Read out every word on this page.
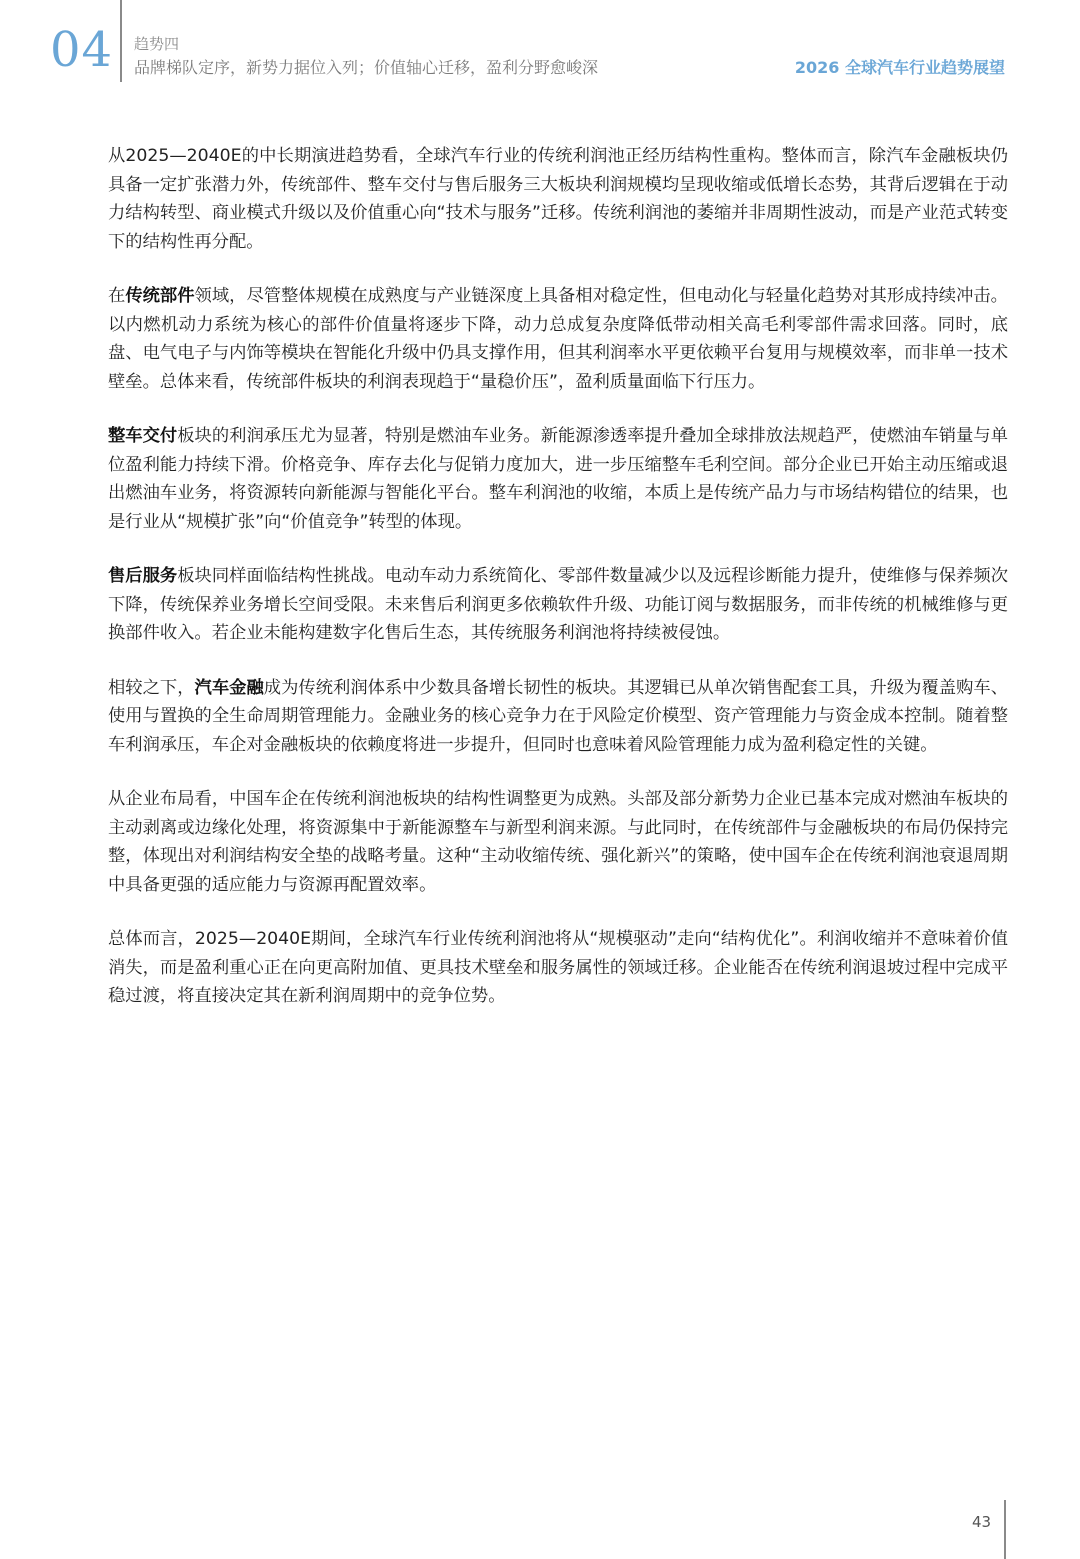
04 趋势四
品牌梯队定序，新势力据位入列；价值轴心迁移，盈利分野愈峻深	2026 全球汽车行业趋势展望

从2025—2040E的中长期演进趋势看，全球汽车行业的传统利润池正经历结构性重构。整体而言，除汽车金融板块仍具备一定扩张潜力外，传统部件、整车交付与售后服务三大板块利润规模均呈现收缩或低增长态势，其背后逻辑在于动力结构转型、商业模式升级以及价值重心向“技术与服务”迁移。传统利润池的萎缩并非周期性波动，而是产业范式转变下的结构性再分配。

在传统部件领域，尽管整体规模在成熟度与产业链深度上具备相对稳定性，但电动化与轻量化趋势对其形成持续冲击。以内燃机动力系统为核心的部件价值量将逐步下降，动力总成复杂度降低带动相关高毛利零部件需求回落。同时，底盘、电气电子与内饰等模块在智能化升级中仍具支撑作用，但其利润率水平更依赖平台复用与规模效率，而非单一技术壁垒。总体来看，传统部件板块的利润表现趋于“量稳价压”，盈利质量面临下行压力。

整车交付板块的利润承压尤为显著，特别是燃油车业务。新能源渗透率提升叠加全球排放法规趋严，使燃油车销量与单位盈利能力持续下滑。价格竞争、库存去化与促销力度加大，进一步压缩整车毛利空间。部分企业已开始主动压缩或退出燃油车业务，将资源转向新能源与智能化平台。整车利润池的收缩，本质上是传统产品力与市场结构错位的结果，也是行业从“规模扩张”向“价值竞争”转型的体现。

售后服务板块同样面临结构性挑战。电动车动力系统简化、零部件数量减少以及远程诊断能力提升，使维修与保养频次下降，传统保养业务增长空间受限。未来售后利润更多依赖软件升级、功能订阅与数据服务，而非传统的机械维修与更换部件收入。若企业未能构建数字化售后生态，其传统服务利润池将持续被侵蚀。

相较之下，汽车金融成为传统利润体系中少数具备增长韧性的板块。其逻辑已从单次销售配套工具，升级为覆盖购车、使用与置换的全生命周期管理能力。金融业务的核心竞争力在于风险定价模型、资产管理能力与资金成本控制。随着整车利润承压，车企对金融板块的依赖度将进一步提升，但同时也意味着风险管理能力成为盈利稳定性的关键。

从企业布局看，中国车企在传统利润池板块的结构性调整更为成熟。头部及部分新势力企业已基本完成对燃油车板块的主动剥离或边缘化处理，将资源集中于新能源整车与新型利润来源。与此同时，在传统部件与金融板块的布局仍保持完整，体现出对利润结构安全垫的战略考量。这种“主动收缩传统、强化新兴”的策略，使中国车企在传统利润池衰退周期中具备更强的适应能力与资源再配置效率。

总体而言，2025—2040E期间，全球汽车行业传统利润池将从“规模驱动”走向“结构优化”。利润收缩并不意味着价值消失，而是盈利重心正在向更高附加值、更具技术壁垒和服务属性的领域迁移。企业能否在传统利润退坡过程中完成平稳过渡，将直接决定其在新利润周期中的竞争位势。

43
